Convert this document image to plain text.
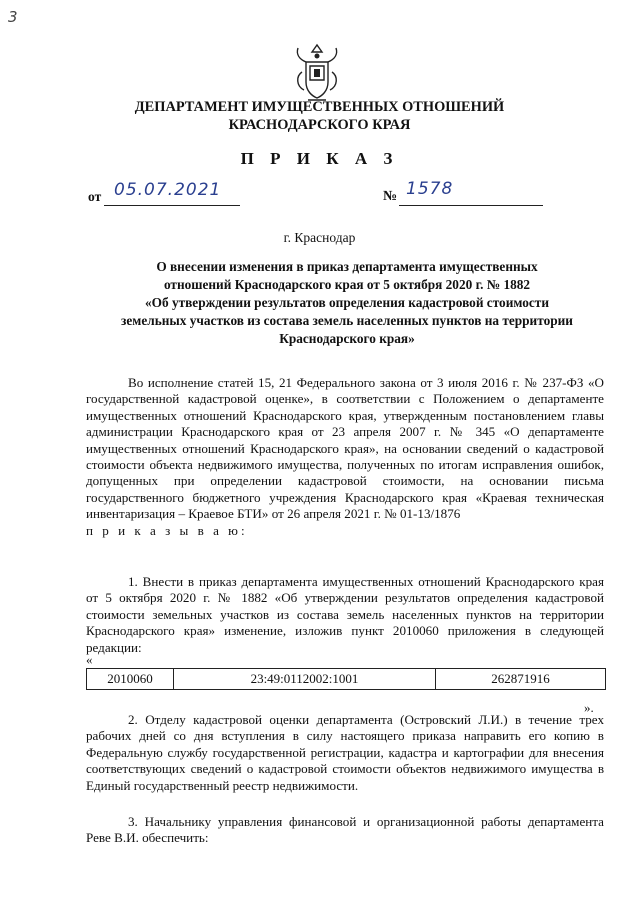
3
ДЕПАРТАМЕНТ ИМУЩЕСТВЕННЫХ ОТНОШЕНИЙ
КРАСНОДАРСКОГО КРАЯ
П Р И К А З
от 05.07.2021	№ 1578
г. Краснодар
О внесении изменения в приказ департамента имущественных
отношений Краснодарского края от 5 октября 2020 г. № 1882
«Об утверждении результатов определения кадастровой стоимости
земельных участков из состава земель населенных пунктов на территории
Краснодарского края»
Во исполнение статей 15, 21 Федерального закона от 3 июля 2016 г. № 237-ФЗ «О государственной кадастровой оценке», в соответствии с Положением о департаменте имущественных отношений Краснодарского края, утвержденным постановлением главы администрации Краснодарского края от 23 апреля 2007 г. № 345 «О департаменте имущественных отношений Краснодарского края», на основании сведений о кадастровой стоимости объекта недвижимого имущества, полученных по итогам исправления ошибок, допущенных при определении кадастровой стоимости, на основании письма государственного бюджетного учреждения Краснодарского края «Краевая техническая инвентаризация – Краевое БТИ» от 26 апреля 2021 г. № 01-13/1876
п р и к а з ы в а ю:
1. Внести в приказ департамента имущественных отношений Краснодарского края от 5 октября 2020 г. № 1882 «Об утверждении результатов определения кадастровой стоимости земельных участков из состава земель населенных пунктов на территории Краснодарского края» изменение, изложив пункт 2010060 приложения в следующей редакции:
«
2010060	23:49:0112002:1001	262871916
».
2. Отделу кадастровой оценки департамента (Островский Л.И.) в течение трех рабочих дней со дня вступления в силу настоящего приказа направить его копию в Федеральную службу государственной регистрации, кадастра и картографии для внесения соответствующих сведений о кадастровой стоимости объектов недвижимого имущества в Единый государственный реестр недвижимости.
3. Начальнику управления финансовой и организационной работы департамента Реве В.И. обеспечить:
